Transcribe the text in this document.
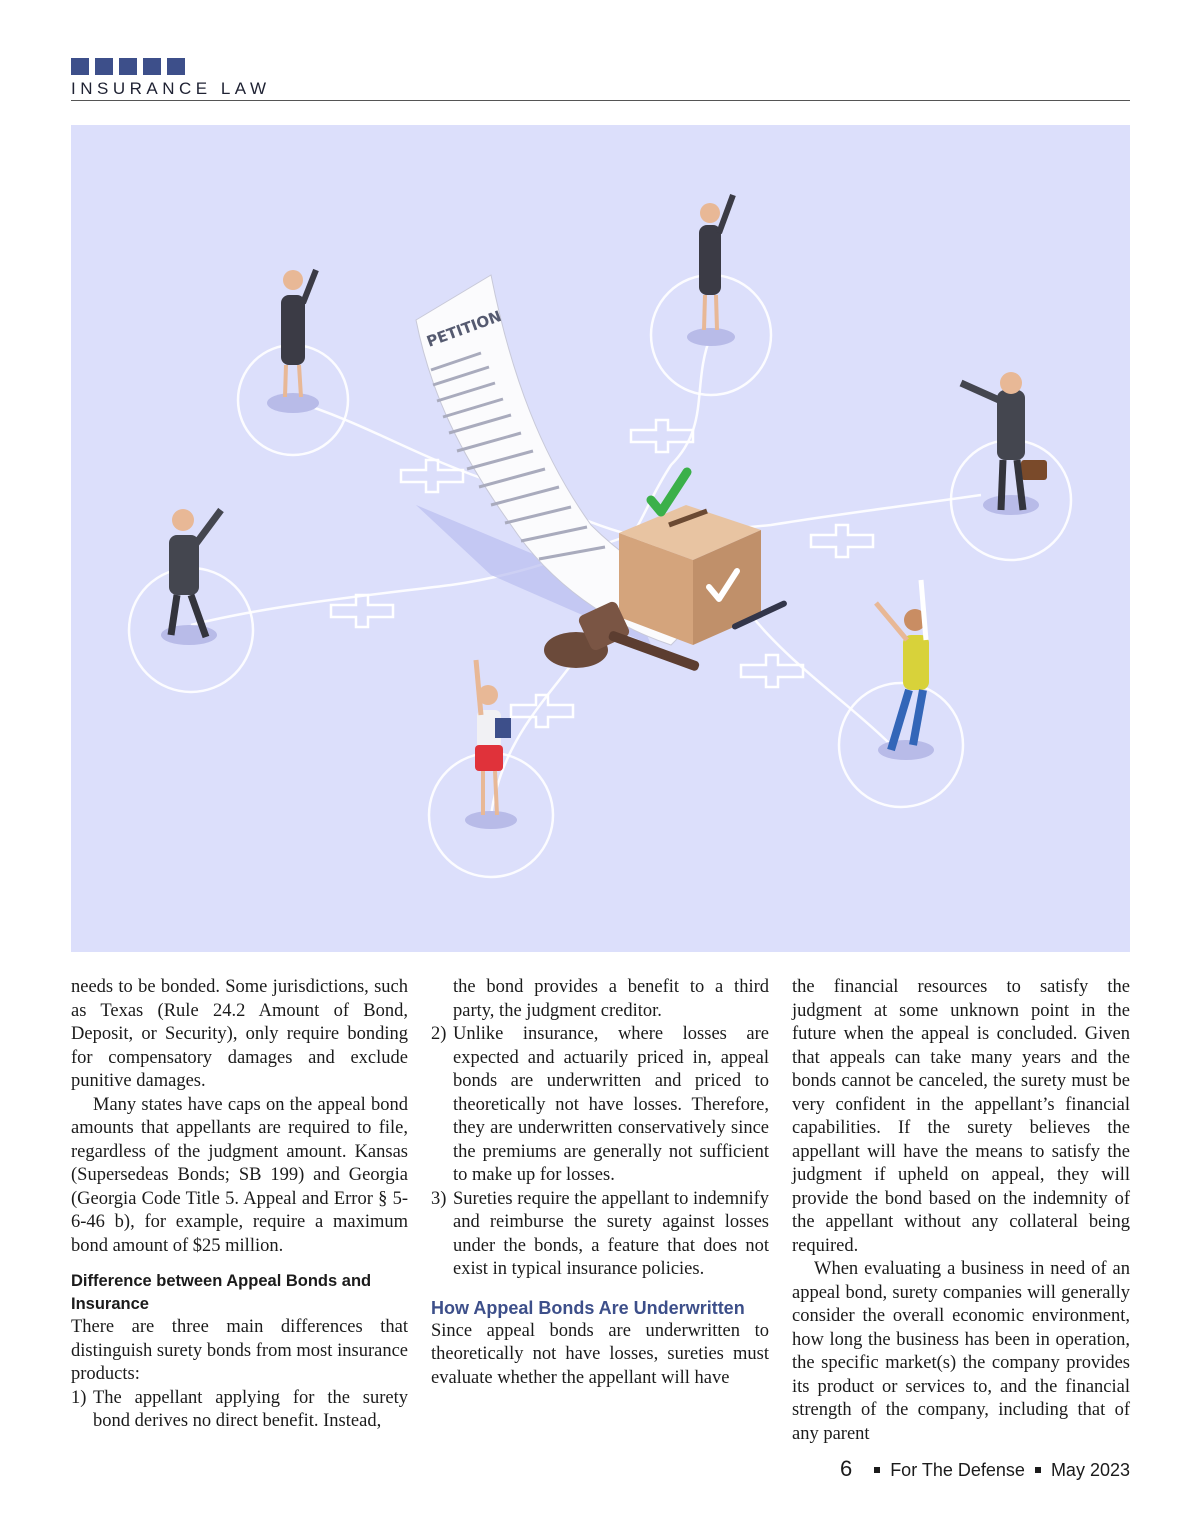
INSURANCE LAW
PETITION

needs to be bonded. Some jurisdictions, such as Texas (Rule 24.2 Amount of Bond, Deposit, or Security), only require bonding for compensatory damages and exclude punitive damages.

Many states have caps on the appeal bond amounts that appellants are required to file, regardless of the judgment amount. Kansas (Supersedeas Bonds; SB 199) and Georgia (Georgia Code Title 5. Appeal and Error § 5-6-46 b), for example, require a maximum bond amount of $25 million.

Difference between Appeal Bonds and Insurance

There are three main differences that distinguish surety bonds from most insurance products:

1) The appellant applying for the surety bond derives no direct benefit. Instead,
the bond provides a benefit to a third party, the judgment creditor.
2) Unlike insurance, where losses are expected and actuarily priced in, appeal bonds are underwritten and priced to theoretically not have losses. Therefore, they are underwritten conservatively since the premiums are generally not sufficient to make up for losses.
3) Sureties require the appellant to indemnify and reimburse the surety against losses under the bonds, a feature that does not exist in typical insurance policies.
How Appeal Bonds Are Underwritten

Since appeal bonds are underwritten to theoretically not have losses, sureties must evaluate whether the appellant will have

the financial resources to satisfy the judgment at some unknown point in the future when the appeal is concluded. Given that appeals can take many years and the bonds cannot be canceled, the surety must be very confident in the appellant’s financial capabilities. If the surety believes the appellant will have the means to satisfy the judgment if upheld on appeal, they will provide the bond based on the indemnity of the appellant without any collateral being required.

When evaluating a business in need of an appeal bond, surety companies will generally consider the overall economic environment, how long the business has been in operation, the specific market(s) the company provides its product or services to, and the financial strength of the company, including that of any parent

6 For The Defense May 2023
